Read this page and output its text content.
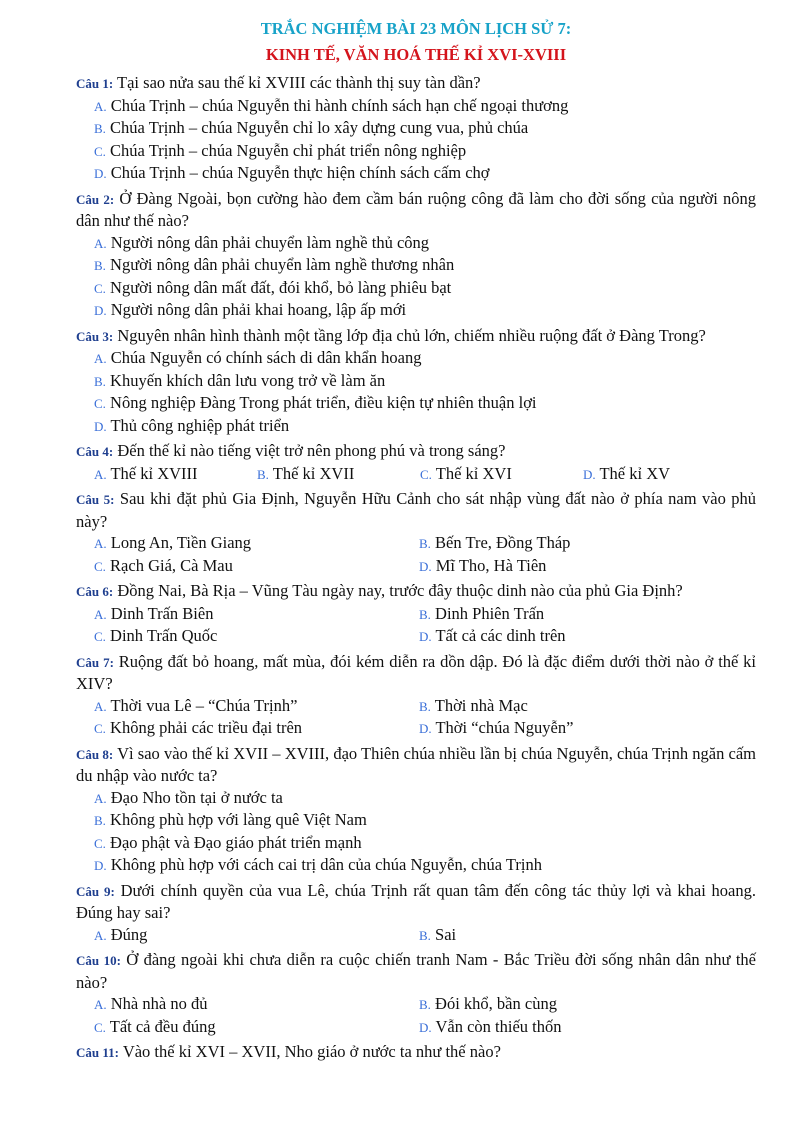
TRẮC NGHIỆM BÀI 23 MÔN LỊCH SỬ 7:
KINH TẾ, VĂN HOÁ THẾ KỈ XVI-XVIII
Câu 1: Tại sao nửa sau thế kỉ XVIII các thành thị suy tàn dần?
A. Chúa Trịnh – chúa Nguyễn thi hành chính sách hạn chế ngoại thương
B. Chúa Trịnh – chúa Nguyễn chỉ lo xây dựng cung vua, phủ chúa
C. Chúa Trịnh – chúa Nguyễn chỉ phát triển nông nghiệp
D. Chúa Trịnh – chúa Nguyễn thực hiện chính sách cấm chợ
Câu 2: Ở Đàng Ngoài, bọn cường hào đem cầm bán ruộng công đã làm cho đời sống của người nông dân như thế nào?
A. Người nông dân phải chuyển làm nghề thủ công
B. Người nông dân phải chuyển làm nghề thương nhân
C. Người nông dân mất đất, đói khổ, bỏ làng phiêu bạt
D. Người nông dân phải khai hoang, lập ấp mới
Câu 3: Nguyên nhân hình thành một tầng lớp địa chủ lớn, chiếm nhiều ruộng đất ở Đàng Trong?
A. Chúa Nguyễn có chính sách di dân khẩn hoang
B. Khuyến khích dân lưu vong trở về làm ăn
C. Nông nghiệp Đàng Trong phát triển, điều kiện tự nhiên thuận lợi
D. Thủ công nghiệp phát triển
Câu 4: Đến thế kỉ nào tiếng việt trở nên phong phú và trong sáng?
A. Thế kỉ XVIII	B. Thế kỉ XVII	C. Thế kỉ XVI	D. Thế kỉ XV
Câu 5: Sau khi đặt phủ Gia Định, Nguyễn Hữu Cảnh cho sát nhập vùng đất nào ở phía nam vào phủ này?
A. Long An, Tiền Giang	B. Bến Tre, Đồng Tháp
C. Rạch Giá, Cà Mau	D. Mĩ Tho, Hà Tiên
Câu 6: Đồng Nai, Bà Rịa – Vũng Tàu ngày nay, trước đây thuộc dinh nào của phủ Gia Định?
A. Dinh Trấn Biên	B. Dinh Phiên Trấn
C. Dinh Trấn Quốc	D. Tất cả các dinh trên
Câu 7: Ruộng đất bỏ hoang, mất mùa, đói kém diễn ra dồn dập. Đó là đặc điểm dưới thời nào ở thế kỉ XIV?
A. Thời vua Lê – “Chúa Trịnh”	B. Thời nhà Mạc
C. Không phải các triều đại trên	D. Thời “chúa Nguyễn”
Câu 8: Vì sao vào thế kỉ XVII – XVIII, đạo Thiên chúa nhiều lần bị chúa Nguyễn, chúa Trịnh ngăn cấm du nhập vào nước ta?
A. Đạo Nho tồn tại ở nước ta
B. Không phù hợp với làng quê Việt Nam
C. Đạo phật và Đạo giáo phát triển mạnh
D. Không phù hợp với cách cai trị dân của chúa Nguyễn, chúa Trịnh
Câu 9: Dưới chính quyền của vua Lê, chúa Trịnh rất quan tâm đến công tác thủy lợi và khai hoang. Đúng hay sai?
A. Đúng	B. Sai
Câu 10: Ở đàng ngoài khi chưa diễn ra cuộc chiến tranh Nam - Bắc Triều đời sống nhân dân như thế nào?
A. Nhà nhà no đủ	B. Đói khổ, bần cùng
C. Tất cả đều đúng	D. Vẫn còn thiếu thốn
Câu 11: Vào thế kỉ XVI – XVII, Nho giáo ở nước ta như thế nào?
